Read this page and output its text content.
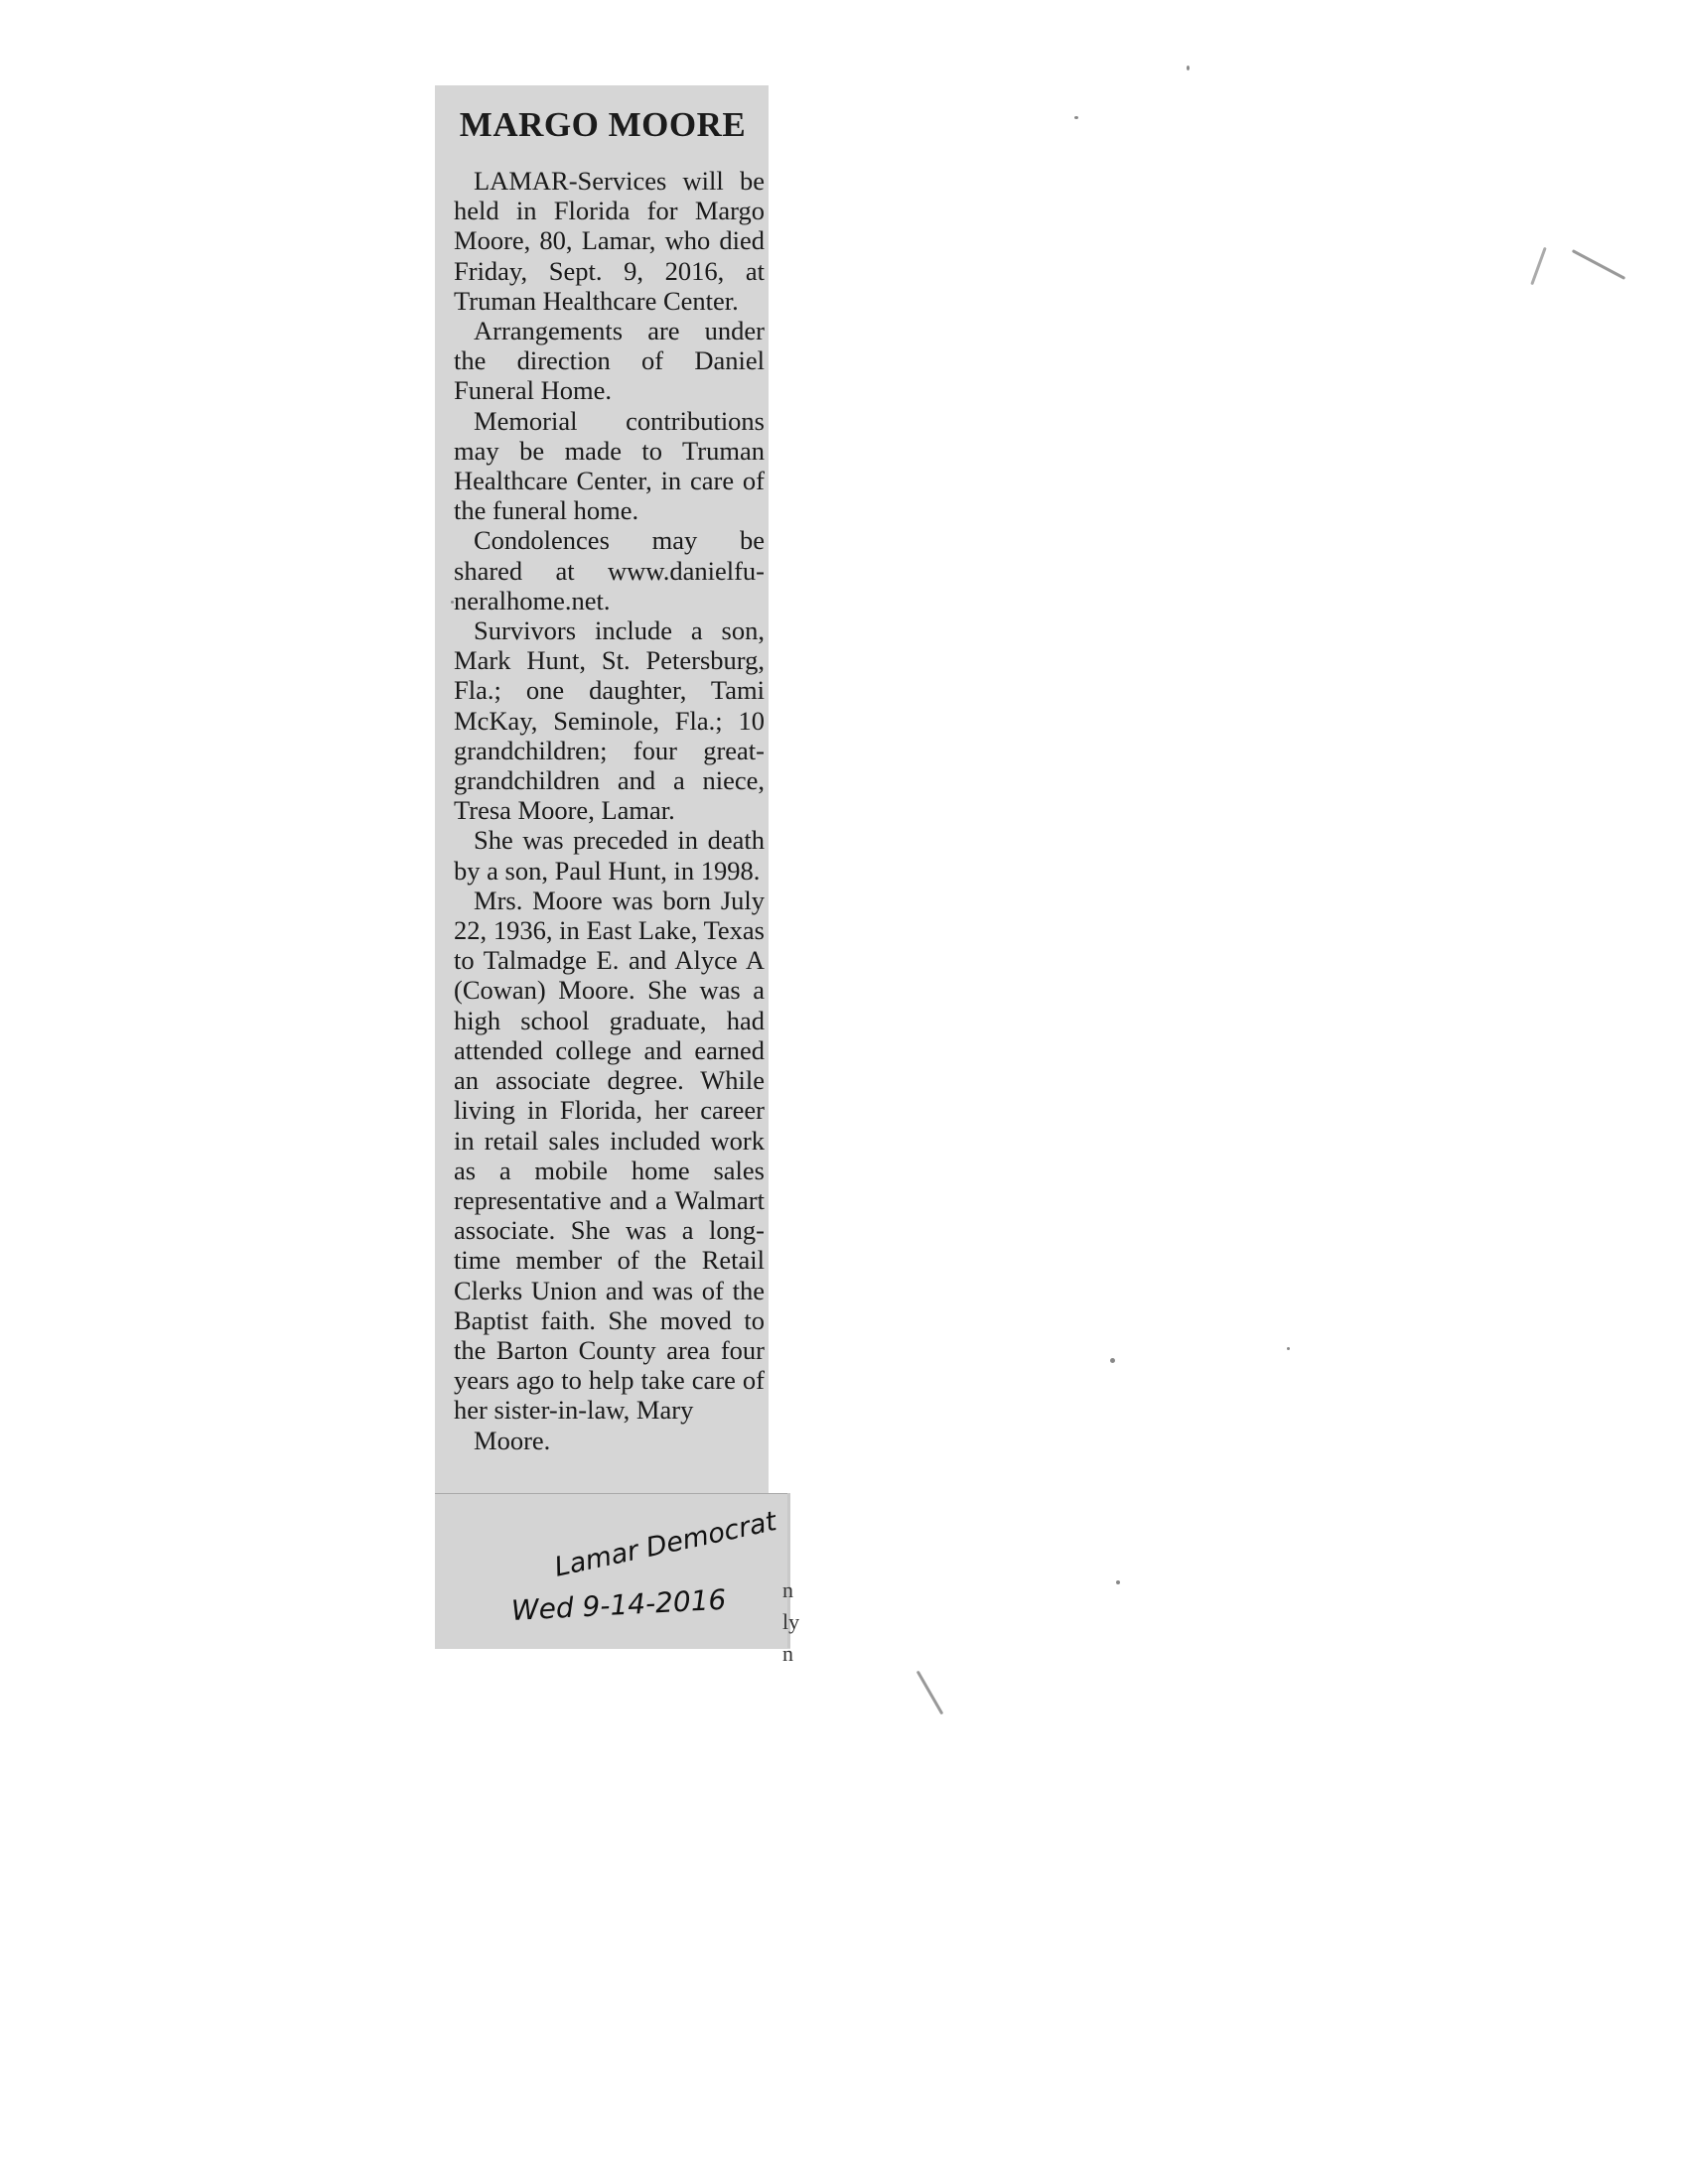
MARGO MOORE

LAMAR-Services will be held in Florida for Margo Moore, 80, Lamar, who died Friday, Sept. 9, 2016, at Truman Healthcare Center.

Arrangements are under the direction of Daniel Funeral Home.

Memorial contributions may be made to Truman Healthcare Center, in care of the funeral home.

Condolences may be shared at www.danielfuneralhome.net.

Survivors include a son, Mark Hunt, St. Petersburg, Fla.; one daughter, Tami McKay, Seminole, Fla.; 10 grandchildren; four great-grandchildren and a niece, Tresa Moore, Lamar.

She was preceded in death by a son, Paul Hunt, in 1998.

Mrs. Moore was born July 22, 1936, in East Lake, Texas to Talmadge E. and Alyce A (Cowan) Moore. She was a high school graduate, had attended college and earned an associate degree. While living in Florida, her career in retail sales included work as a mobile home sales representative and a Walmart associate. She was a long-time member of the Retail Clerks Union and was of the Baptist faith. She moved to the Barton County area four years ago to help take care of her sister-in-law, Mary

Moore.

Lamar Democrat
Wed 9-14-2016	n
ly
n
